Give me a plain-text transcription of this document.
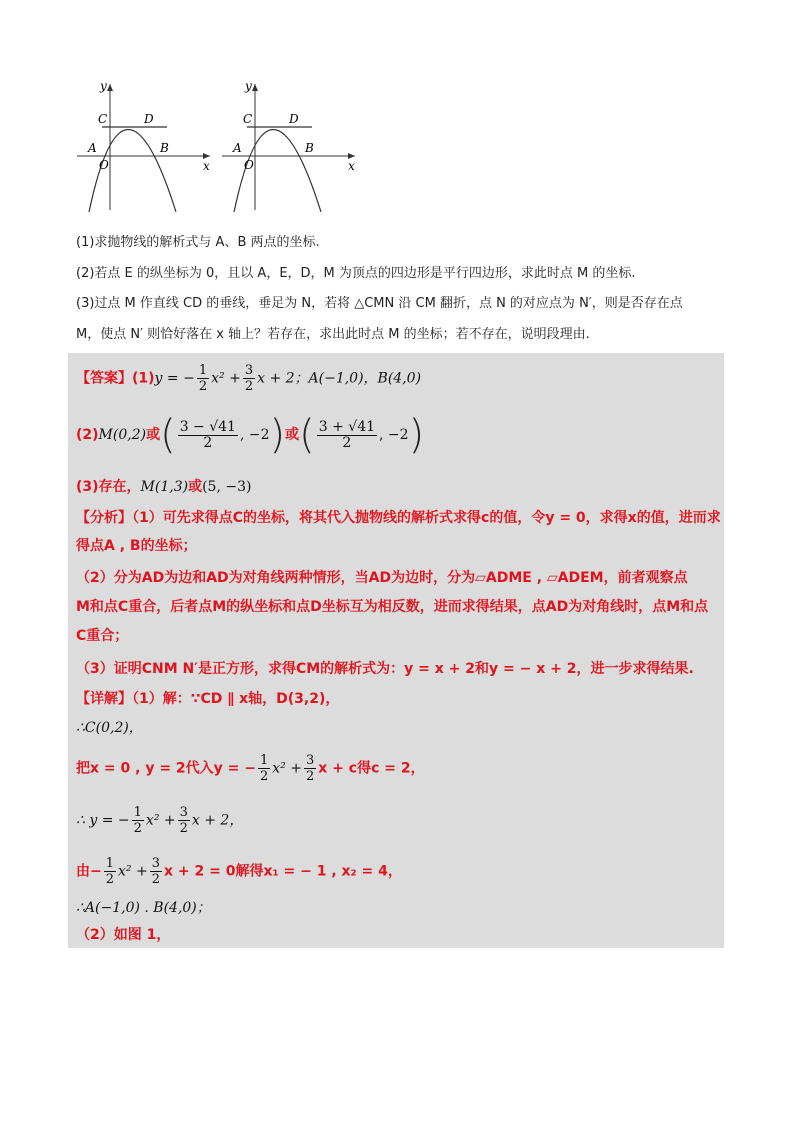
y
x
C	D
A	B
O
y
x
C	D
A	B
O
(1)求抛物线的解析式与 A、B 两点的坐标.
(2)若点 E 的纵坐标为 0，且以 A，E，D，M 为顶点的四边形是平行四边形，求此时点 M 的坐标.
(3)过点 M 作直线 CD 的垂线，垂足为 N，若将 △CMN 沿 CM 翻折，点 N 的对应点为 N′，则是否存在点
M，使点 N′ 则恰好落在 x 轴上？若存在，求出此时点 M 的坐标；若不存在，说明段理由.
【答案】(1)y = − $\frac{1}{2} x^2 + \frac{3}{2}$ x + 2；A(−1,0)，B(4,0)
(2)M(0,2)或( $\frac{3 - √41}{2}$ , −2)或( $\frac{3 + √41}{2}$ , −2)
(3)存在，M(1,3)或(5, −3)
【分析】（1）可先求得点C的坐标，将其代入抛物线的解析式求得c的值，令y = 0，求得x的值，进而求
得点A , B的坐标；
（2）分为AD为边和AD为对角线两种情形，当AD为边时，分为▱ADME , ▱ADEM，前者观察点
M和点C重合，后者点M的纵坐标和点D坐标互为相反数，进而求得结果，点AD为对角线时，点M和点
C重合；
（3）证明CNM N′是正方形，求得CM的解析式为：y = x + 2和y = − x + 2，进一步求得结果.
【详解】（1）解：∵CD ∥ x轴，D(3,2)，
∴C(0,2)，
把x = 0 , y = 2代入y = − $\frac{1}{2} x^2 + \frac{3}{2}$ x + c得c = 2，
∴ y = − $\frac{1}{2} x^2 + \frac{3}{2}$ x + 2，
由− $\frac{1}{2} x^2 + \frac{3}{2}$ x + 2 = 0解得x₁ = − 1 , x₂ = 4，
∴A(−1,0) . B(4,0)；
（2）如图 1，
